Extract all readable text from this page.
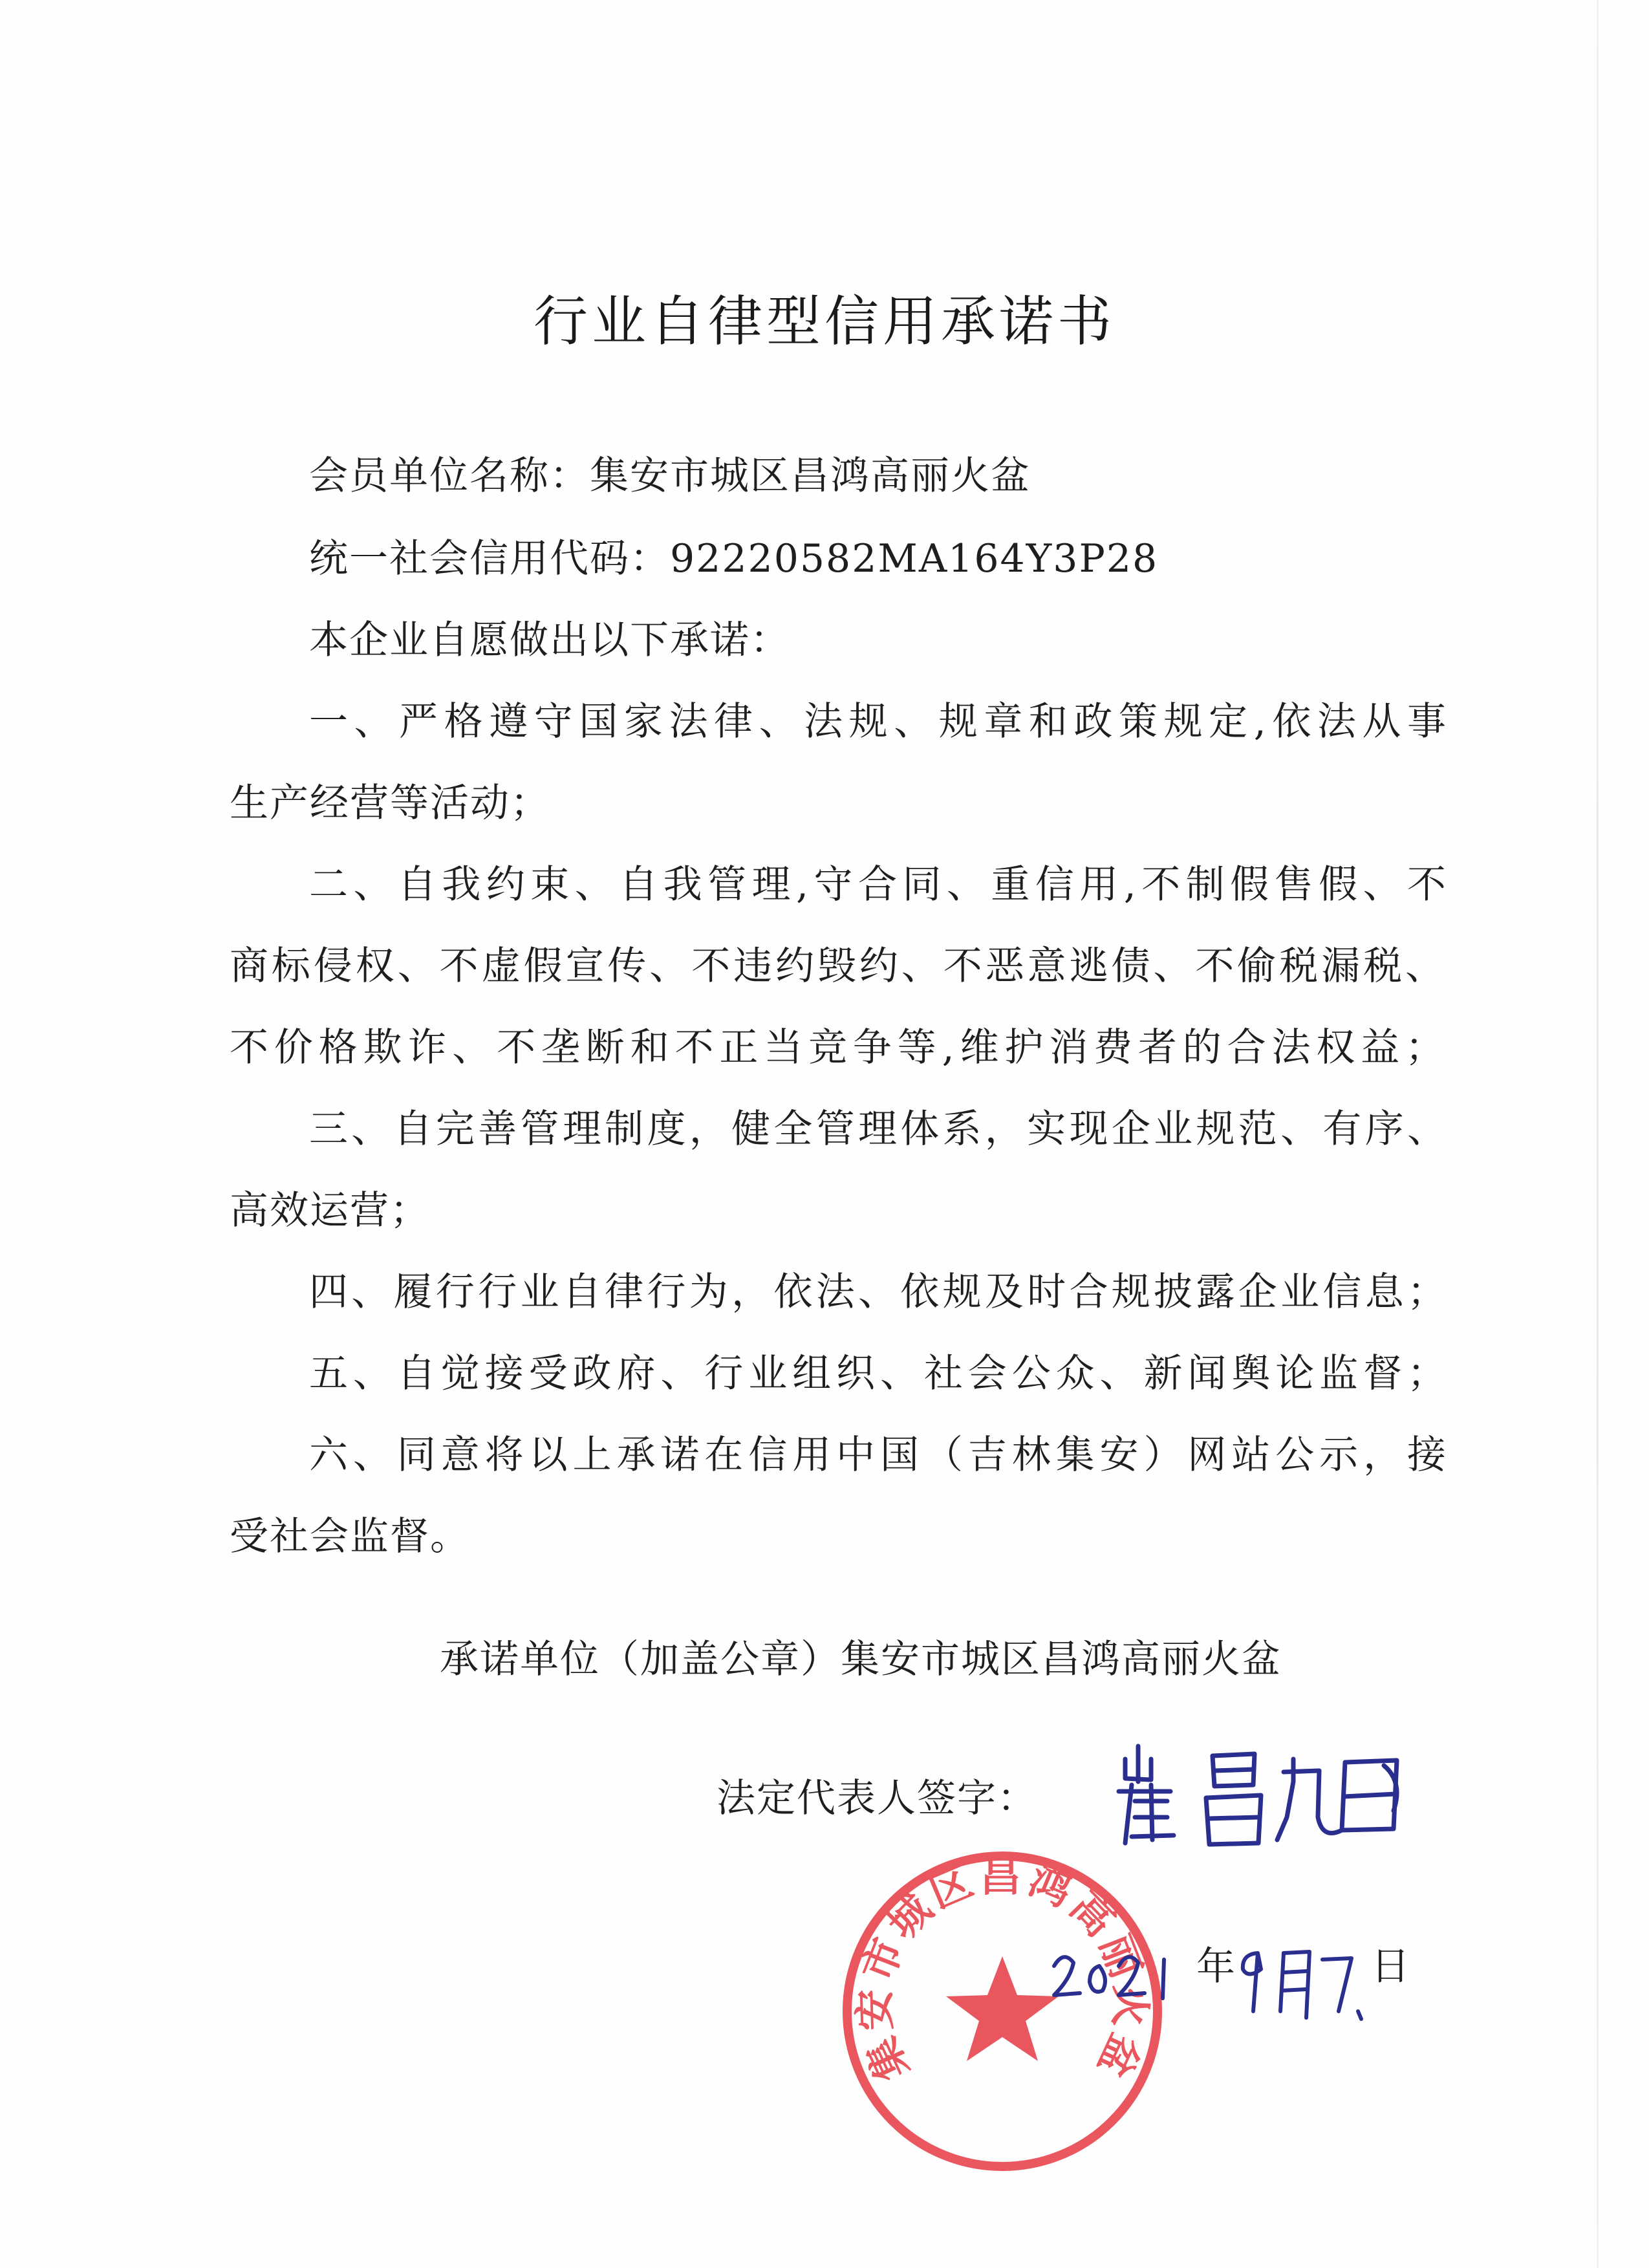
行业自律型信用承诺书
会员单位名称：集安市城区昌鸿高丽火盆
统一社会信用代码：92220582MA164Y3P28
本企业自愿做出以下承诺：
一、严格遵守国家法律、法规、规章和政策规定,依法从事
生产经营等活动；
二、自我约束、自我管理,守合同、重信用,不制假售假、不
商标侵权、不虚假宣传、不违约毁约、不恶意逃债、不偷税漏税、
不价格欺诈、不垄断和不正当竞争等,维护消费者的合法权益；
三、自完善管理制度，健全管理体系，实现企业规范、有序、
高效运营；
四、履行行业自律行为，依法、依规及时合规披露企业信息；
五、自觉接受政府、行业组织、社会公众、新闻舆论监督；
六、同意将以上承诺在信用中国（吉林集安）网站公示，接
受社会监督。
承诺单位（加盖公章）集安市城区昌鸿高丽火盆
法定代表人签字：
集安市城区昌鸿高丽火盆
年	日
